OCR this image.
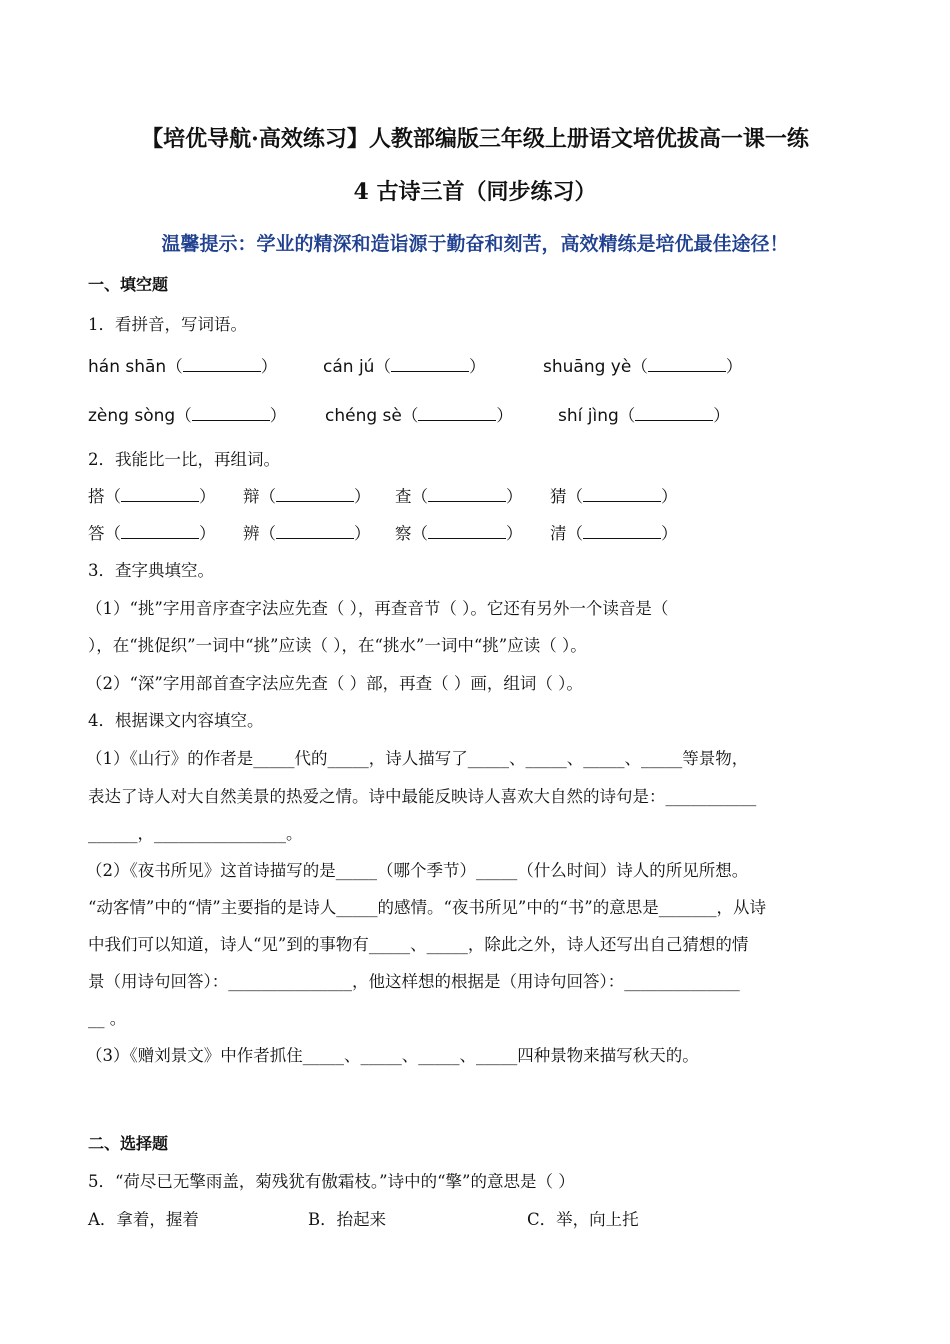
【培优导航·高效练习】人教部编版三年级上册语文培优拔高一课一练
4 古诗三首（同步练习）
温馨提示：学业的精深和造诣源于勤奋和刻苦，高效精练是培优最佳途径！
一、填空题
1．看拼音，写词语。
hán shān（	）	cán jú（	）	shuāng yè（	）
zèng sòng（	） chéng sè（	）	shí jìng（	）
2．我能比一比，再组词。
搭（	） 辩（	） 查（	） 猜（	）
答（	） 辨（	） 察（	） 清（	）
3．查字典填空。
（1）“挑”字用音序查字法应先查（ ），再查音节（ ）。它还有另外一个读音是（
），在“挑促织”一词中“挑”应读（ ），在“挑水”一词中“挑”应读（ ）。
（2）“深”字用部首查字法应先查（ ）部，再查（ ）画，组词（ ）。
4．根据课文内容填空。
（1）《山行》的作者是_____代的_____，诗人描写了_____、_____、_____、_____等景物，
表达了诗人对大自然美景的热爱之情。诗中最能反映诗人喜欢大自然的诗句是：___________
______，________________。
（2）《夜书所见》这首诗描写的是_____（哪个季节）_____（什么时间）诗人的所见所想。
“动客情”中的“情”主要指的是诗人_____的感情。“夜书所见”中的“书”的意思是_______，从诗
中我们可以知道，诗人“见”到的事物有_____、_____，除此之外，诗人还写出自己猜想的情
景（用诗句回答）：_______________，他这样想的根据是（用诗句回答）：______________
__ 。
（3）《赠刘景文》中作者抓住_____、_____、_____、_____四种景物来描写秋天的。
二、选择题
5．“荷尽已无擎雨盖，菊残犹有傲霜枝。”诗中的“擎”的意思是（ ）
A．拿着，握着	B．抬起来	C．举，向上托
